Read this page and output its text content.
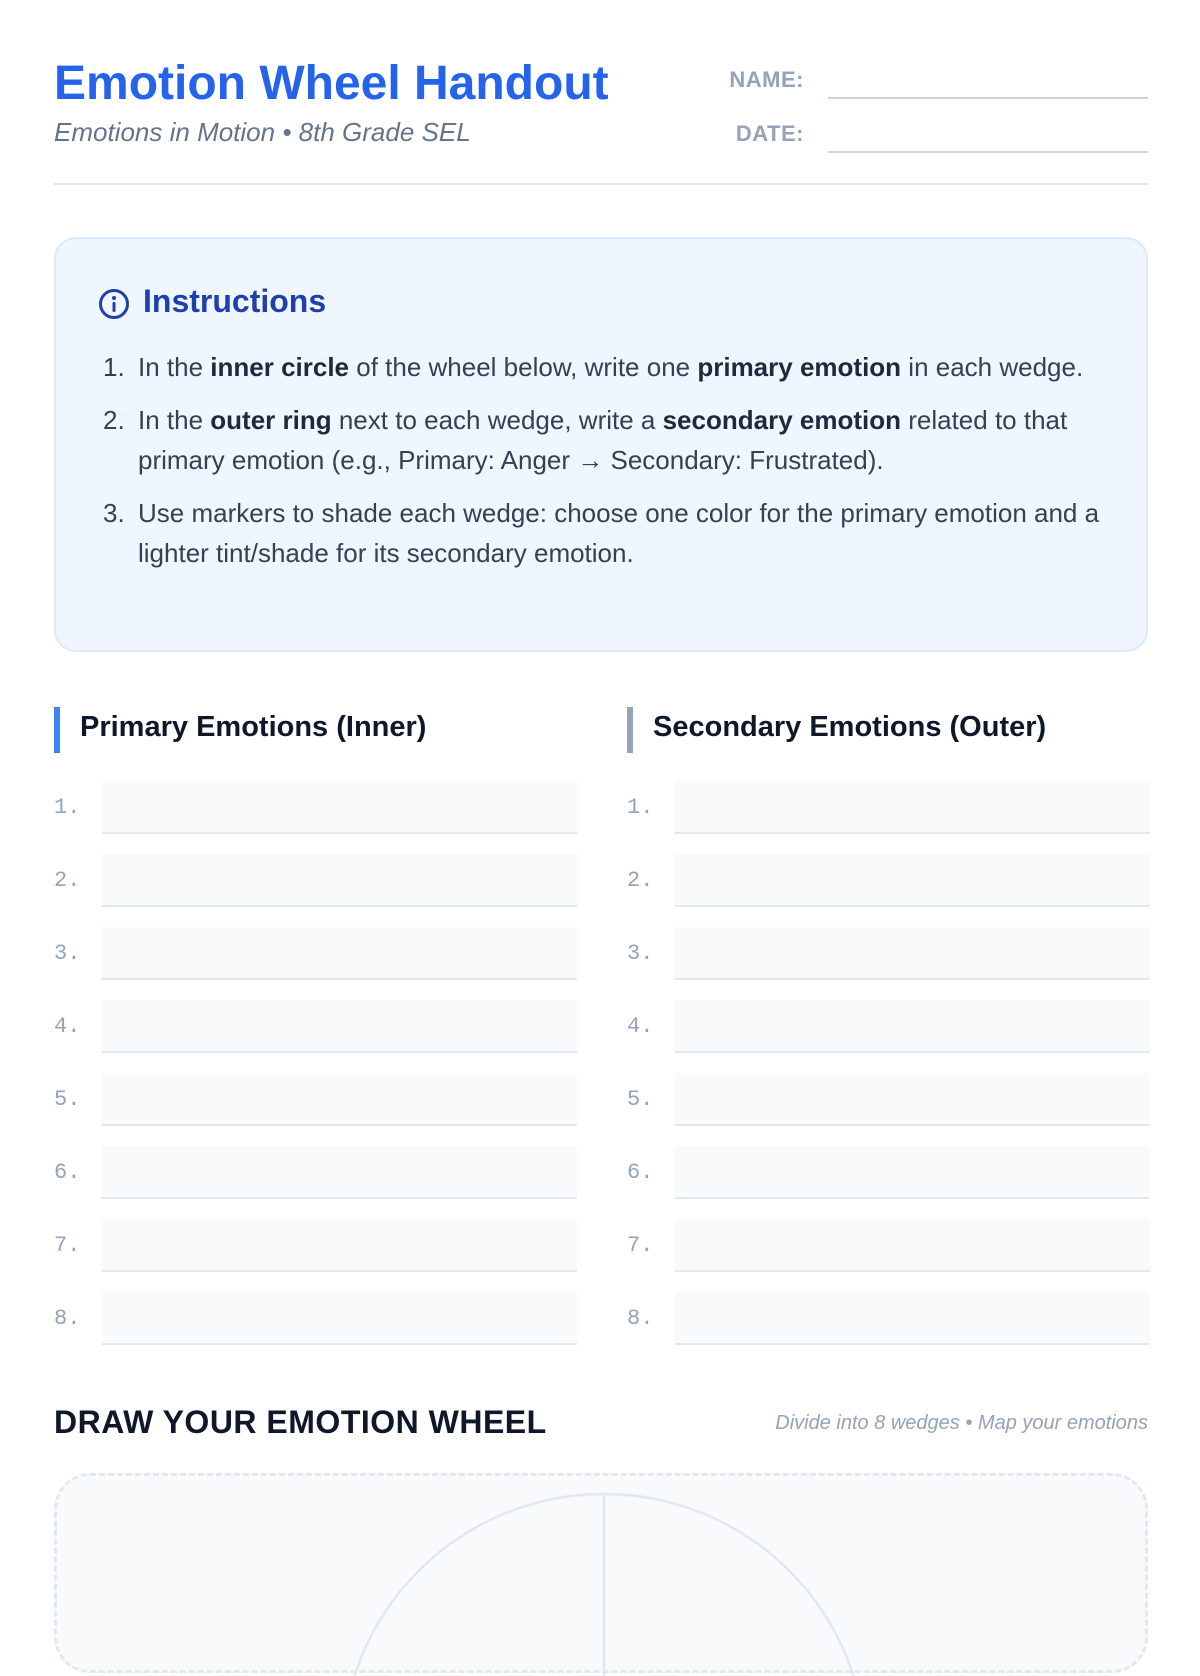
Emotion Wheel Handout
Emotions in Motion • 8th Grade SEL
NAME:
DATE:
Instructions
1. In the inner circle of the wheel below, write one primary emotion in each wedge.
2. In the outer ring next to each wedge, write a secondary emotion related to that primary emotion (e.g., Primary: Anger → Secondary: Frustrated).
3. Use markers to shade each wedge: choose one color for the primary emotion and a lighter tint/shade for its secondary emotion.
Primary Emotions (Inner)
1.
2.
3.
4.
5.
6.
7.
8.
Secondary Emotions (Outer)
1.
2.
3.
4.
5.
6.
7.
8.
DRAW YOUR EMOTION WHEEL	Divide into 8 wedges • Map your emotions
